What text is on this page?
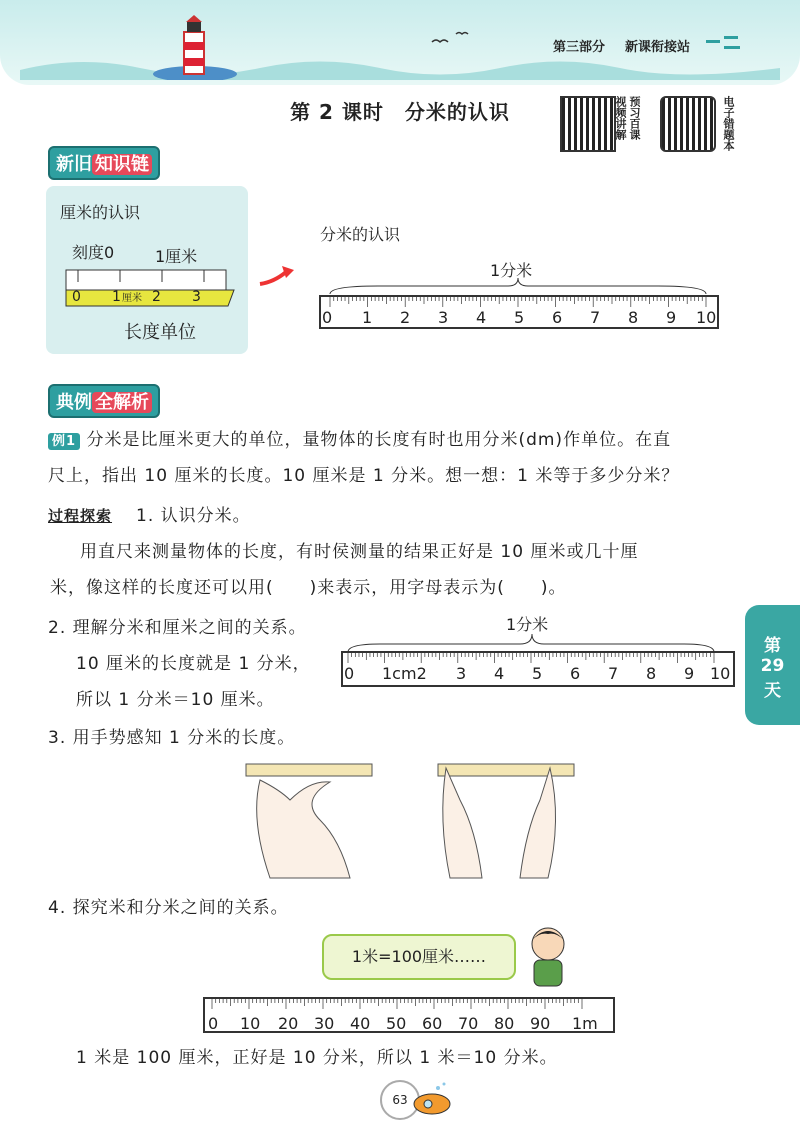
第三部分 新课衔接站
第 2 课时　分米的认识	视频讲解 预习百课	电子错题本
新旧 知识链
厘米的认识
刻度0	1厘米
0	1 厘米 2	3
长度单位
分米的认识
1分米
0 1 2 3 4 5 6 7 8 9 10
典例 全解析
例1 分米是比厘米更大的单位，量物体的长度有时也用分米(dm)作单位。在直
尺上，指出 10 厘米的长度。10 厘米是 1 分米。想一想：1 米等于多少分米？
过程探索 1. 认识分米。
用直尺来测量物体的长度，有时侯测量的结果正好是 10 厘米或几十厘
米，像这样的长度还可以用(　　)来表示，用字母表示为(　　)。
2. 理解分米和厘米之间的关系。
10 厘米的长度就是 1 分米，
所以 1 分米＝10 厘米。
1分米
0 1cm2 3 4 5 6 7 8 9 10
第
29
天
3. 用手势感知 1 分米的长度。
4. 探究米和分米之间的关系。
1米=100厘米……
0 10 20 30 40 50 60 70 80 90 1m
1 米是 100 厘米，正好是 10 分米，所以 1 米＝10 分米。
63
